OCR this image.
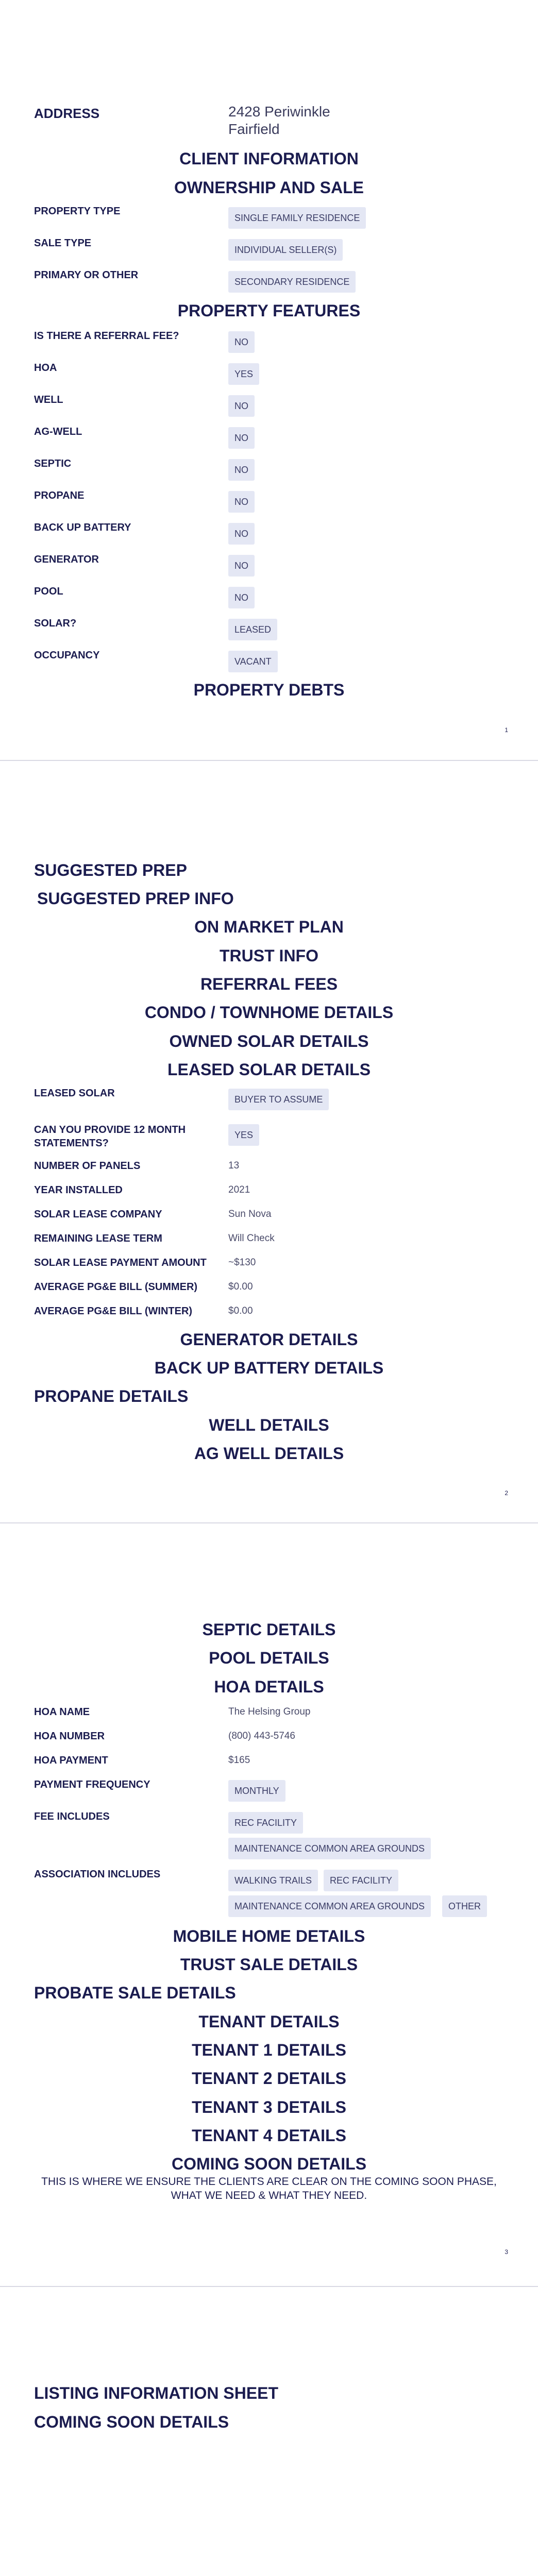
ADDRESS	2428 Periwinkle
Fairfield
CLIENT INFORMATION
OWNERSHIP AND SALE
PROPERTY TYPE
SINGLE FAMILY RESIDENCE
SALE TYPE
INDIVIDUAL SELLER(S)
PRIMARY OR OTHER
SECONDARY RESIDENCE
PROPERTY FEATURES
IS THERE A REFERRAL FEE?
NO
HOA
YES
WELL
NO
AG-WELL
NO
SEPTIC
NO
PROPANE
NO
BACK UP BATTERY
NO
GENERATOR
NO
POOL
NO
SOLAR?
LEASED
OCCUPANCY
VACANT
PROPERTY DEBTS
1
SUGGESTED PREP
SUGGESTED PREP INFO
ON MARKET PLAN
TRUST INFO
REFERRAL FEES
CONDO / TOWNHOME DETAILS
OWNED SOLAR DETAILS
LEASED SOLAR DETAILS
LEASED SOLAR
BUYER TO ASSUME
CAN YOU PROVIDE 12 MONTH STATEMENTS?
YES
NUMBER OF PANELS	13
YEAR INSTALLED	2021
SOLAR LEASE COMPANY	Sun Nova
REMAINING LEASE TERM	Will Check
SOLAR LEASE PAYMENT AMOUNT ~$130
AVERAGE PG&E BILL (SUMMER)	$0.00
AVERAGE PG&E BILL (WINTER)	$0.00
GENERATOR DETAILS
BACK UP BATTERY DETAILS
PROPANE DETAILS
WELL DETAILS
AG WELL DETAILS
2
SEPTIC DETAILS
POOL DETAILS
HOA DETAILS
HOA NAME	The Helsing Group
HOA NUMBER	(800) 443-5746
HOA PAYMENT	$165
PAYMENT FREQUENCY
MONTHLY
FEE INCLUDES
REC FACILITY
MAINTENANCE COMMON AREA GROUNDS
ASSOCIATION INCLUDES
WALKING TRAILS	REC FACILITY
MAINTENANCE COMMON AREA GROUNDS	OTHER
MOBILE HOME DETAILS
TRUST SALE DETAILS
PROBATE SALE DETAILS
TENANT DETAILS
TENANT 1 DETAILS
TENANT 2 DETAILS
TENANT 3 DETAILS
TENANT 4 DETAILS
COMING SOON DETAILS
THIS IS WHERE WE ENSURE THE CLIENTS ARE CLEAR ON THE COMING SOON PHASE, WHAT WE NEED & WHAT THEY NEED.
3
LISTING INFORMATION SHEET
COMING SOON DETAILS
